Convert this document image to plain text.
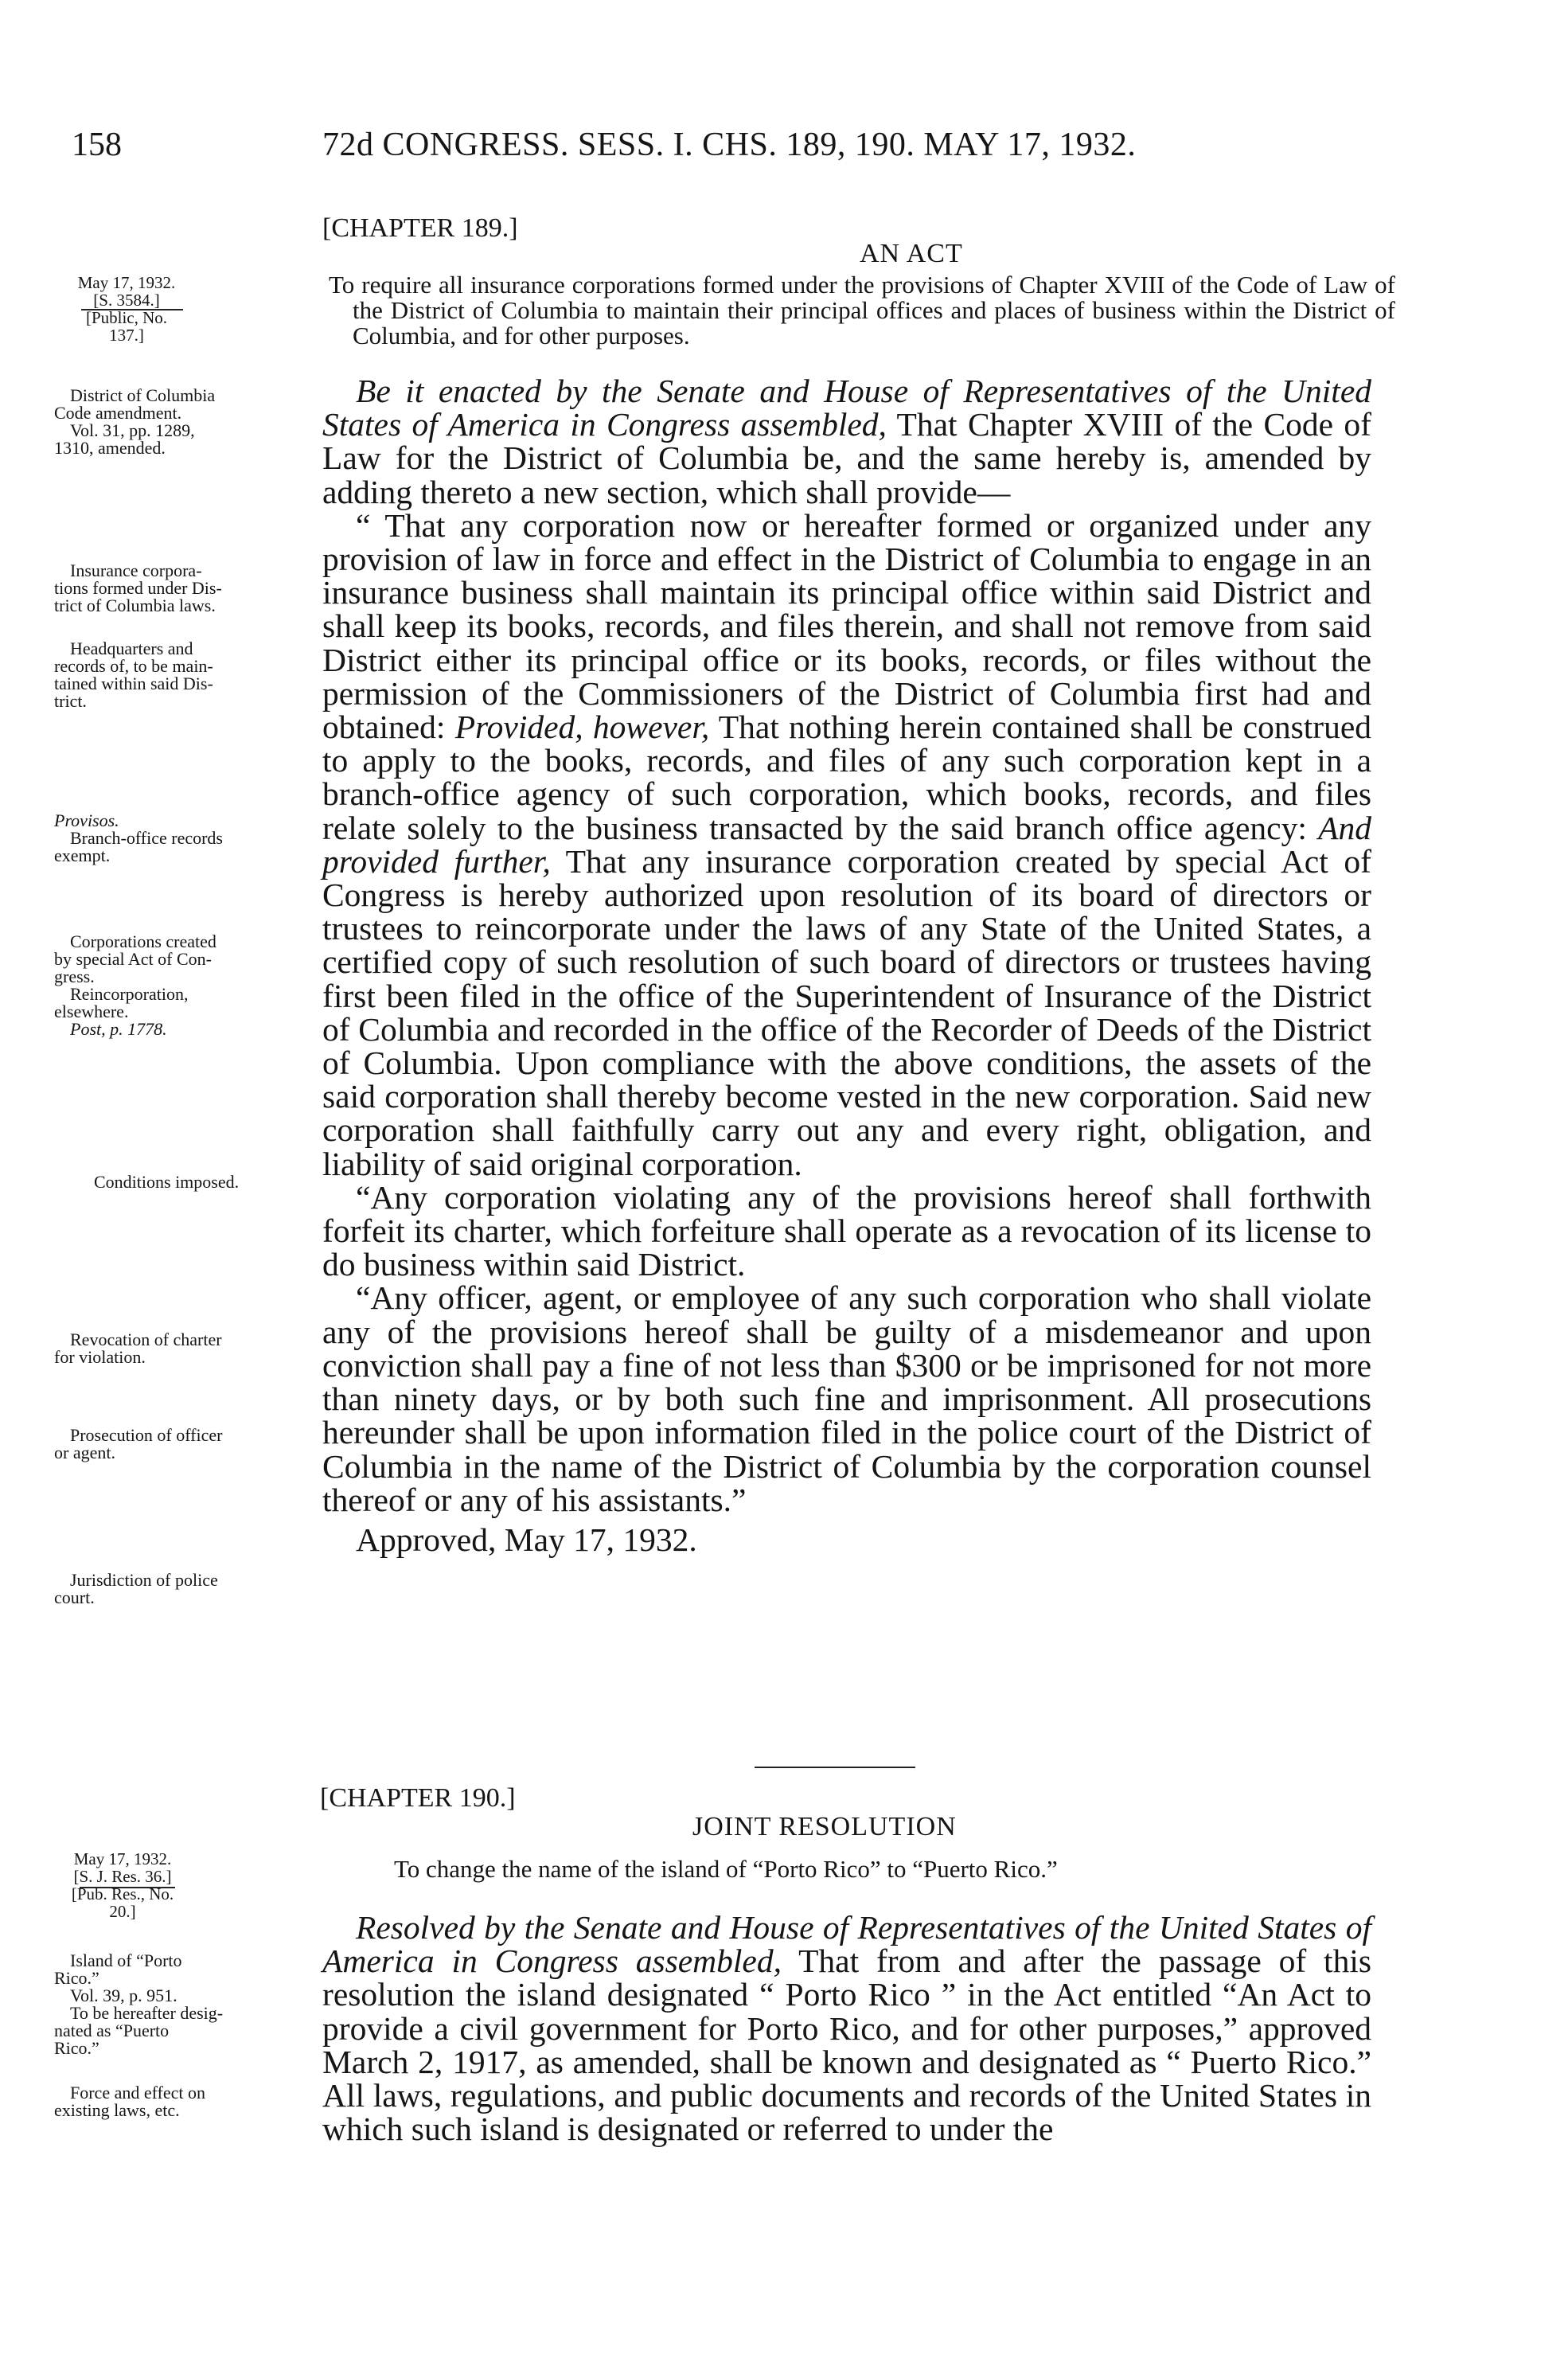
158	72d CONGRESS. SESS. I. CHS. 189, 190. MAY 17, 1932.
[CHAPTER 189.]
AN ACT
May 17, 1932.
[S. 3584.]
[Public, No. 137.]
To require all insurance corporations formed under the provisions of Chapter XVIII of the Code of Law of the District of Columbia to maintain their principal offices and places of business within the District of Columbia, and for other purposes.

Be it enacted by the Senate and House of Representatives of the United States of America in Congress assembled, That Chapter XVIII of the Code of Law for the District of Columbia be, and the same hereby is, amended by adding thereto a new section, which shall provide—

“ That any corporation now or hereafter formed or organized under any provision of law in force and effect in the District of Columbia to engage in an insurance business shall maintain its principal office within said District and shall keep its books, records, and files therein, and shall not remove from said District either its principal office or its books, records, or files without the permission of the Commissioners of the District of Columbia first had and obtained: Provided, however, That nothing herein contained shall be construed to apply to the books, records, and files of any such corporation kept in a branch-office agency of such corporation, which books, records, and files relate solely to the business transacted by the said branch office agency: And provided further, That any insurance corporation created by special Act of Congress is hereby authorized upon resolution of its board of directors or trustees to reincorporate under the laws of any State of the United States, a certified copy of such resolution of such board of directors or trustees having first been filed in the office of the Superintendent of Insurance of the District of Columbia and recorded in the office of the Recorder of Deeds of the District of Columbia. Upon compliance with the above conditions, the assets of the said corporation shall thereby become vested in the new corporation. Said new corporation shall faithfully carry out any and every right, obligation, and liability of said original corporation.

“Any corporation violating any of the provisions hereof shall forthwith forfeit its charter, which forfeiture shall operate as a revocation of its license to do business within said District.

“Any officer, agent, or employee of any such corporation who shall violate any of the provisions hereof shall be guilty of a misdemeanor and upon conviction shall pay a fine of not less than $300 or be imprisoned for not more than ninety days, or by both such fine and imprisonment. All prosecutions hereunder shall be upon information filed in the police court of the District of Columbia in the name of the District of Columbia by the corporation counsel thereof or any of his assistants.”

Approved, May 17, 1932.

District of Columbia
Code amendment.
Vol. 31, pp. 1289,
1310, amended.
Insurance corpora-
tions formed under Dis-
trict of Columbia laws.
Headquarters and
records of, to be main-
tained within said Dis-
trict.
Provisos.
Branch-office records
exempt.
Corporations created
by special Act of Con-
gress.
Reincorporation,
elsewhere.
Post, p. 1778.
Conditions imposed.
Revocation of charter
for violation.
Prosecution of officer
or agent.
Jurisdiction of police
court.
[CHAPTER 190.]
JOINT RESOLUTION
May 17, 1932.
[S. J. Res. 36.]
[Pub. Res., No. 20.]
To change the name of the island of “Porto Rico” to “Puerto Rico.”

Resolved by the Senate and House of Representatives of the United States of America in Congress assembled, That from and after the passage of this resolution the island designated “ Porto Rico ” in the Act entitled “An Act to provide a civil government for Porto Rico, and for other purposes,” approved March 2, 1917, as amended, shall be known and designated as “ Puerto Rico.” All laws, regulations, and public documents and records of the United States in which such island is designated or referred to under the

Island of “Porto
Rico.”
Vol. 39, p. 951.
To be hereafter desig-
nated as “Puerto
Rico.”
Force and effect on
existing laws, etc.
